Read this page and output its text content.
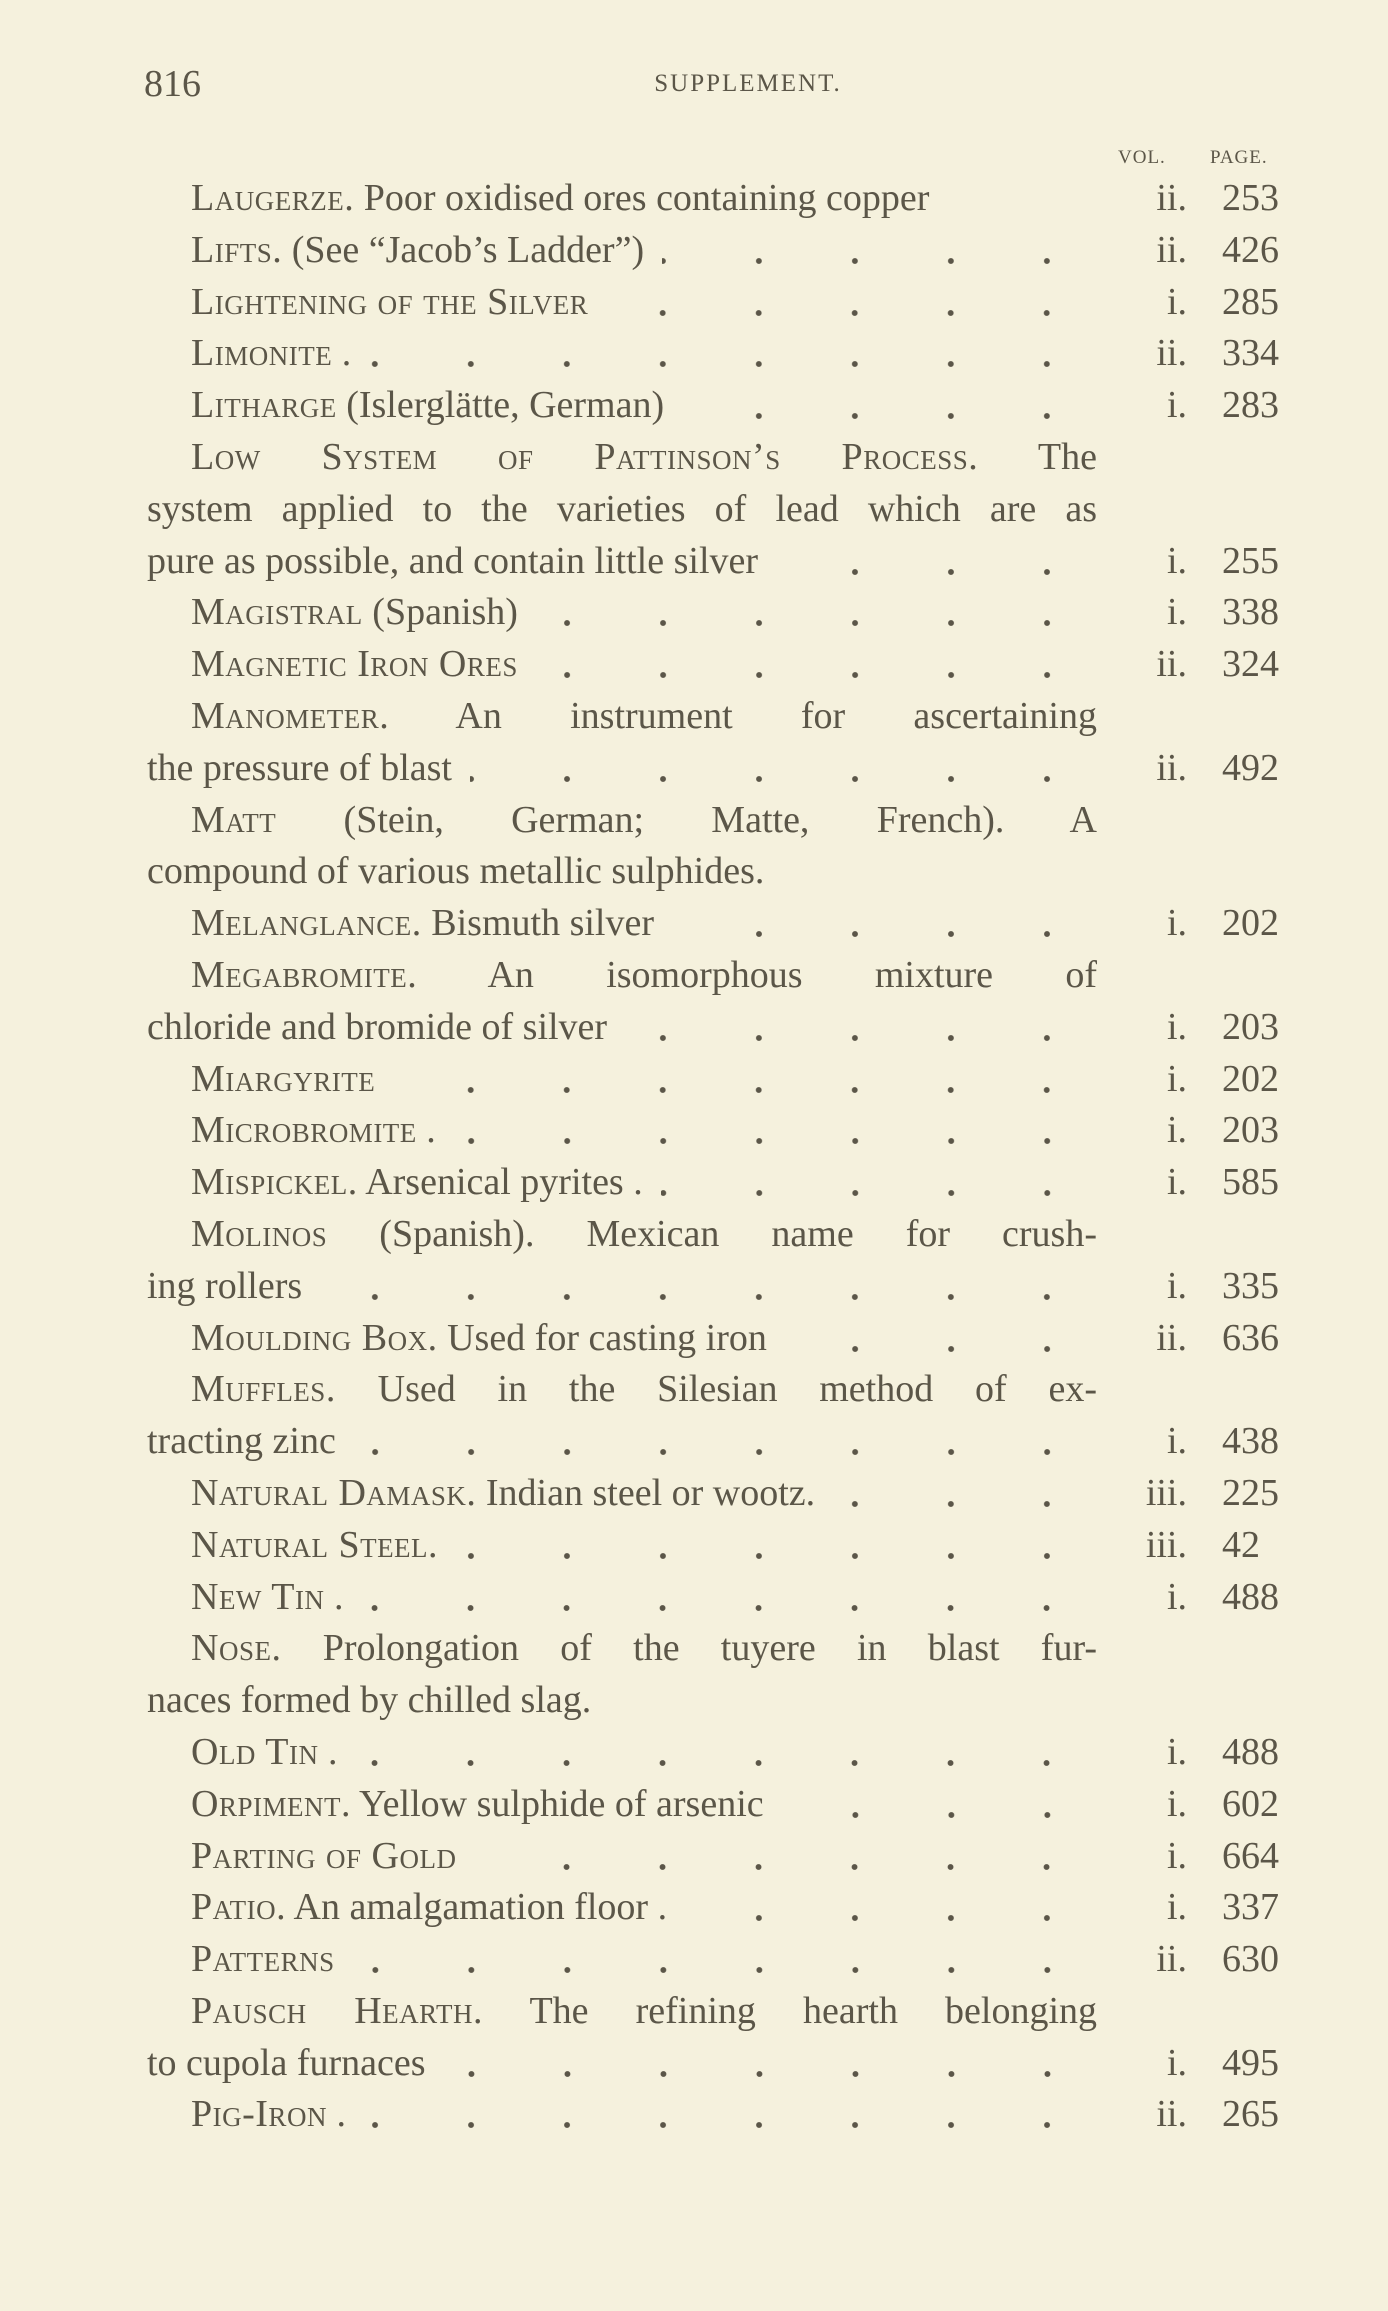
816	SUPPLEMENT.
VOL. PAGE.
Laugerze. Poor oxidised ores containing copper	ii. 253
Lifts. (See “Jacob’s Ladder”)	ii. 426
Lightening of the Silver	i. 285
Limonite .	ii. 334
Litharge (Islerglätte, German)	i. 283
Low System of Pattinson’s Process. The
system applied to the varieties of lead which are as
pure as possible, and contain little silver	i. 255
Magistral (Spanish)	i. 338
Magnetic Iron Ores	ii. 324
Manometer. An instrument for ascertaining
the pressure of blast	ii. 492
Matt (Stein, German; Matte, French). A
compound of various metallic sulphides.
Melanglance. Bismuth silver	i. 202
Megabromite. An isomorphous mixture of
chloride and bromide of silver	i. 203
Miargyrite	i. 202
Microbromite .	i. 203
Mispickel. Arsenical pyrites .	i. 585
Molinos (Spanish). Mexican name for crush-
ing rollers	i. 335
Moulding Box. Used for casting iron	ii. 636
Muffles. Used in the Silesian method of ex-
tracting zinc	i. 438
Natural Damask. Indian steel or wootz.	iii. 225
Natural Steel.	iii. 42
New Tin .	i. 488
Nose. Prolongation of the tuyere in blast fur-
naces formed by chilled slag.
Old Tin .	i. 488
Orpiment. Yellow sulphide of arsenic	i. 602
Parting of Gold	i. 664
Patio. An amalgamation floor .	i. 337
Patterns	ii. 630
Pausch Hearth. The refining hearth belonging
to cupola furnaces	i. 495
Pig-Iron .	ii. 265
